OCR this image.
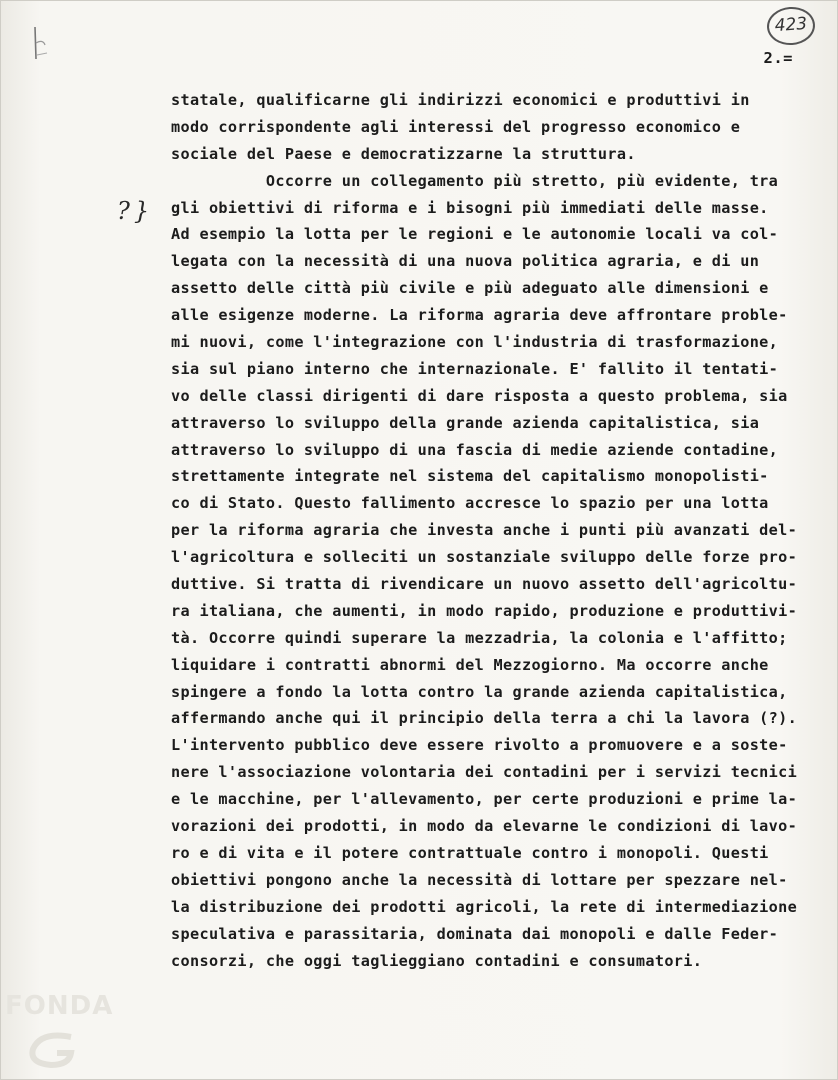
423
2.=
?}
statale, qualificarne gli indirizzi economici e produttivi in
modo corrispondente agli interessi del progresso economico e
sociale del Paese e democratizzarne la struttura.
Occorre un collegamento più stretto, più evidente, tra
gli obiettivi di riforma e i bisogni più immediati delle masse.
Ad esempio la lotta per le regioni e le autonomie locali va col-
legata con la necessità di una nuova politica agraria, e di un
assetto delle città più civile e più adeguato alle dimensioni e
alle esigenze moderne. La riforma agraria deve affrontare proble-
mi nuovi, come l'integrazione con l'industria di trasformazione,
sia sul piano interno che internazionale. E' fallito il tentati-
vo delle classi dirigenti di dare risposta a questo problema, sia
attraverso lo sviluppo della grande azienda capitalistica, sia
attraverso lo sviluppo di una fascia di medie aziende contadine,
strettamente integrate nel sistema del capitalismo monopolisti-
co di Stato. Questo fallimento accresce lo spazio per una lotta
per la riforma agraria che investa anche i punti più avanzati del-
l'agricoltura e solleciti un sostanziale sviluppo delle forze pro-
duttive. Si tratta di rivendicare un nuovo assetto dell'agricoltu-
ra italiana, che aumenti, in modo rapido, produzione e produttivi-
tà. Occorre quindi superare la mezzadria, la colonia e l'affitto;
liquidare i contratti abnormi del Mezzogiorno. Ma occorre anche
spingere a fondo la lotta contro la grande azienda capitalistica,
affermando anche qui il principio della terra a chi la lavora (?).
L'intervento pubblico deve essere rivolto a promuovere e a soste-
nere l'associazione volontaria dei contadini per i servizi tecnici
e le macchine, per l'allevamento, per certe produzioni e prime la-
vorazioni dei prodotti, in modo da elevarne le condizioni di lavo-
ro e di vita e il potere contrattuale contro i monopoli. Questi
obiettivi pongono anche la necessità di lottare per spezzare nel-
la distribuzione dei prodotti agricoli, la rete di intermediazione
speculativa e parassitaria, dominata dai monopoli e dalle Feder-
consorzi, che oggi taglieggiano contadini e consumatori.
FONDA
